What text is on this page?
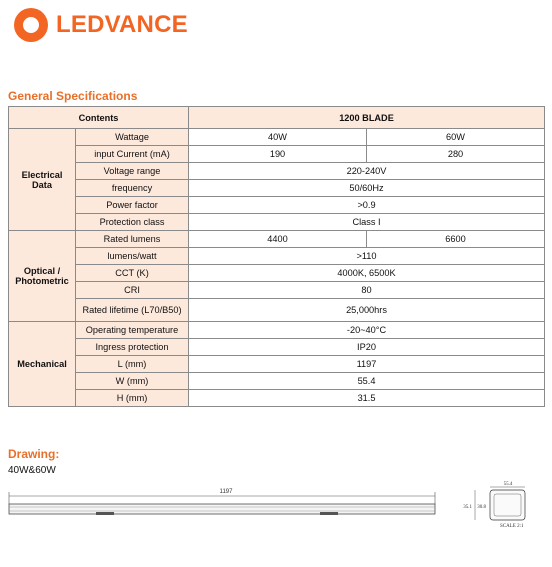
LEDVANCE
General Specifications
Contents		1200 BLADE	
Electrical Data	Wattage	40W	60W
	input Current (mA)	190	280
	Voltage range	220-240V	
	frequency	50/60Hz	
	Power factor	>0.9	
	Protection class	Class I	
Optical / Photometric	Rated lumens	4400	6600
	lumens/watt	>110	
	CCT (K)	4000K, 6500K	
	CRI	80	
	Rated lifetime (L70/B50)	25,000hrs	
Mechanical	Operating temperature	-20~40°C	
	Ingress protection	IP20	
	L (mm)	1197	
	W (mm)	55.4	
	H (mm)	31.5	
Drawing:
40W&60W
1197
55.4
35.1 30.8
SCALE 2:1
